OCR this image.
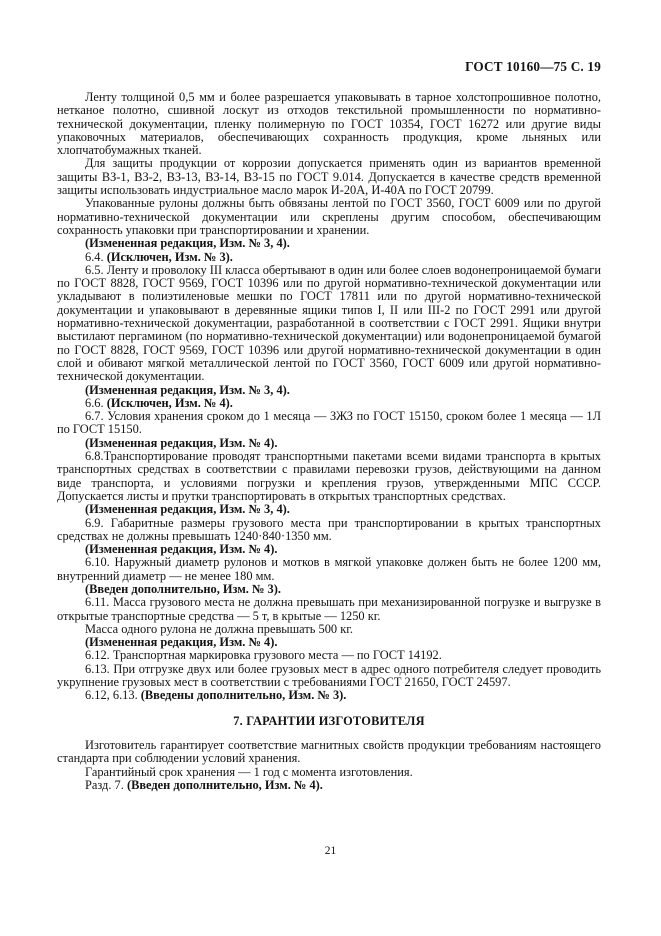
ГОСТ 10160—75 С. 19

Ленту толщиной 0,5 мм и более разрешается упаковывать в тарное холстопрошивное полотно, нетканое полотно, сшивной лоскут из отходов текстильной промышленности по нормативно-технической документации, пленку полимерную по ГОСТ 10354, ГОСТ 16272 или другие виды упаковочных материалов, обеспечивающих сохранность продукция, кроме льняных или хлопчатобумажных тканей.

Для защиты продукции от коррозии допускается применять один из вариантов временной защиты ВЗ-1, ВЗ-2, ВЗ-13, ВЗ-14, ВЗ-15 по ГОСТ 9.014. Допускается в качестве средств временной защиты использовать индустриальное масло марок И-20А, И-40А по ГОСТ 20799.

Упакованные рулоны должны быть обвязаны лентой по ГОСТ 3560, ГОСТ 6009 или по другой нормативно-технической документации или скреплены другим способом, обеспечивающим сохранность упаковки при транспортировании и хранении.

(Измененная редакция, Изм. № 3, 4).

6.4. (Исключен, Изм. № 3).

6.5. Ленту и проволоку III класса обертывают в один или более слоев водонепроницаемой бумаги по ГОСТ 8828, ГОСТ 9569, ГОСТ 10396 или по другой нормативно-технической документации или укладывают в полиэтиленовые мешки по ГОСТ 17811 или по другой нормативно-технической документации и упаковывают в деревянные ящики типов I, II или III-2 по ГОСТ 2991 или другой нормативно-технической документации, разработанной в соответствии с ГОСТ 2991. Ящики внутри выстилают пергамином (по нормативно-технической документации) или водонепроницаемой бумагой по ГОСТ 8828, ГОСТ 9569, ГОСТ 10396 или другой нормативно-технической документации в один слой и обивают мягкой металлической лентой по ГОСТ 3560, ГОСТ 6009 или другой нормативно-технической документации.

(Измененная редакция, Изм. № 3, 4).

6.6. (Исключен, Изм. № 4).

6.7. Условия хранения сроком до 1 месяца — ЗЖЗ по ГОСТ 15150, сроком более 1 месяца — 1Л по ГОСТ 15150.

(Измененная редакция, Изм. № 4).

6.8.Транспортирование проводят транспортными пакетами всеми видами транспорта в крытых транспортных средствах в соответствии с правилами перевозки грузов, действующими на данном виде транспорта, и условиями погрузки и крепления грузов, утвержденными МПС СССР. Допускается листы и прутки транспортировать в открытых транспортных средствах.

(Измененная редакция, Изм. № 3, 4).

6.9. Габаритные размеры грузового места при транспортировании в крытых транспортных средствах не должны превышать 1240·840·1350 мм.

(Измененная редакция, Изм. № 4).

6.10. Наружный диаметр рулонов и мотков в мягкой упаковке должен быть не более 1200 мм, внутренний диаметр — не менее 180 мм.

(Введен дополнительно, Изм. № 3).

6.11. Масса грузового места не должна превышать при механизированной погрузке и выгрузке в открытые транспортные средства — 5 т, в крытые — 1250 кг.

Масса одного рулона не должна превышать 500 кг.

(Измененная редакция, Изм. № 4).

6.12. Транспортная маркировка грузового места — по ГОСТ 14192.

6.13. При отгрузке двух или более грузовых мест в адрес одного потребителя следует проводить укрупнение грузовых мест в соответствии с требованиями ГОСТ 21650, ГОСТ 24597.

6.12, 6.13. (Введены дополнительно, Изм. № 3).

7. ГАРАНТИИ ИЗГОТОВИТЕЛЯ

Изготовитель гарантирует соответствие магнитных свойств продукции требованиям настоящего стандарта при соблюдении условий хранения.

Гарантийный срок хранения — 1 год с момента изготовления.

Разд. 7. (Введен дополнительно, Изм. № 4).

21
